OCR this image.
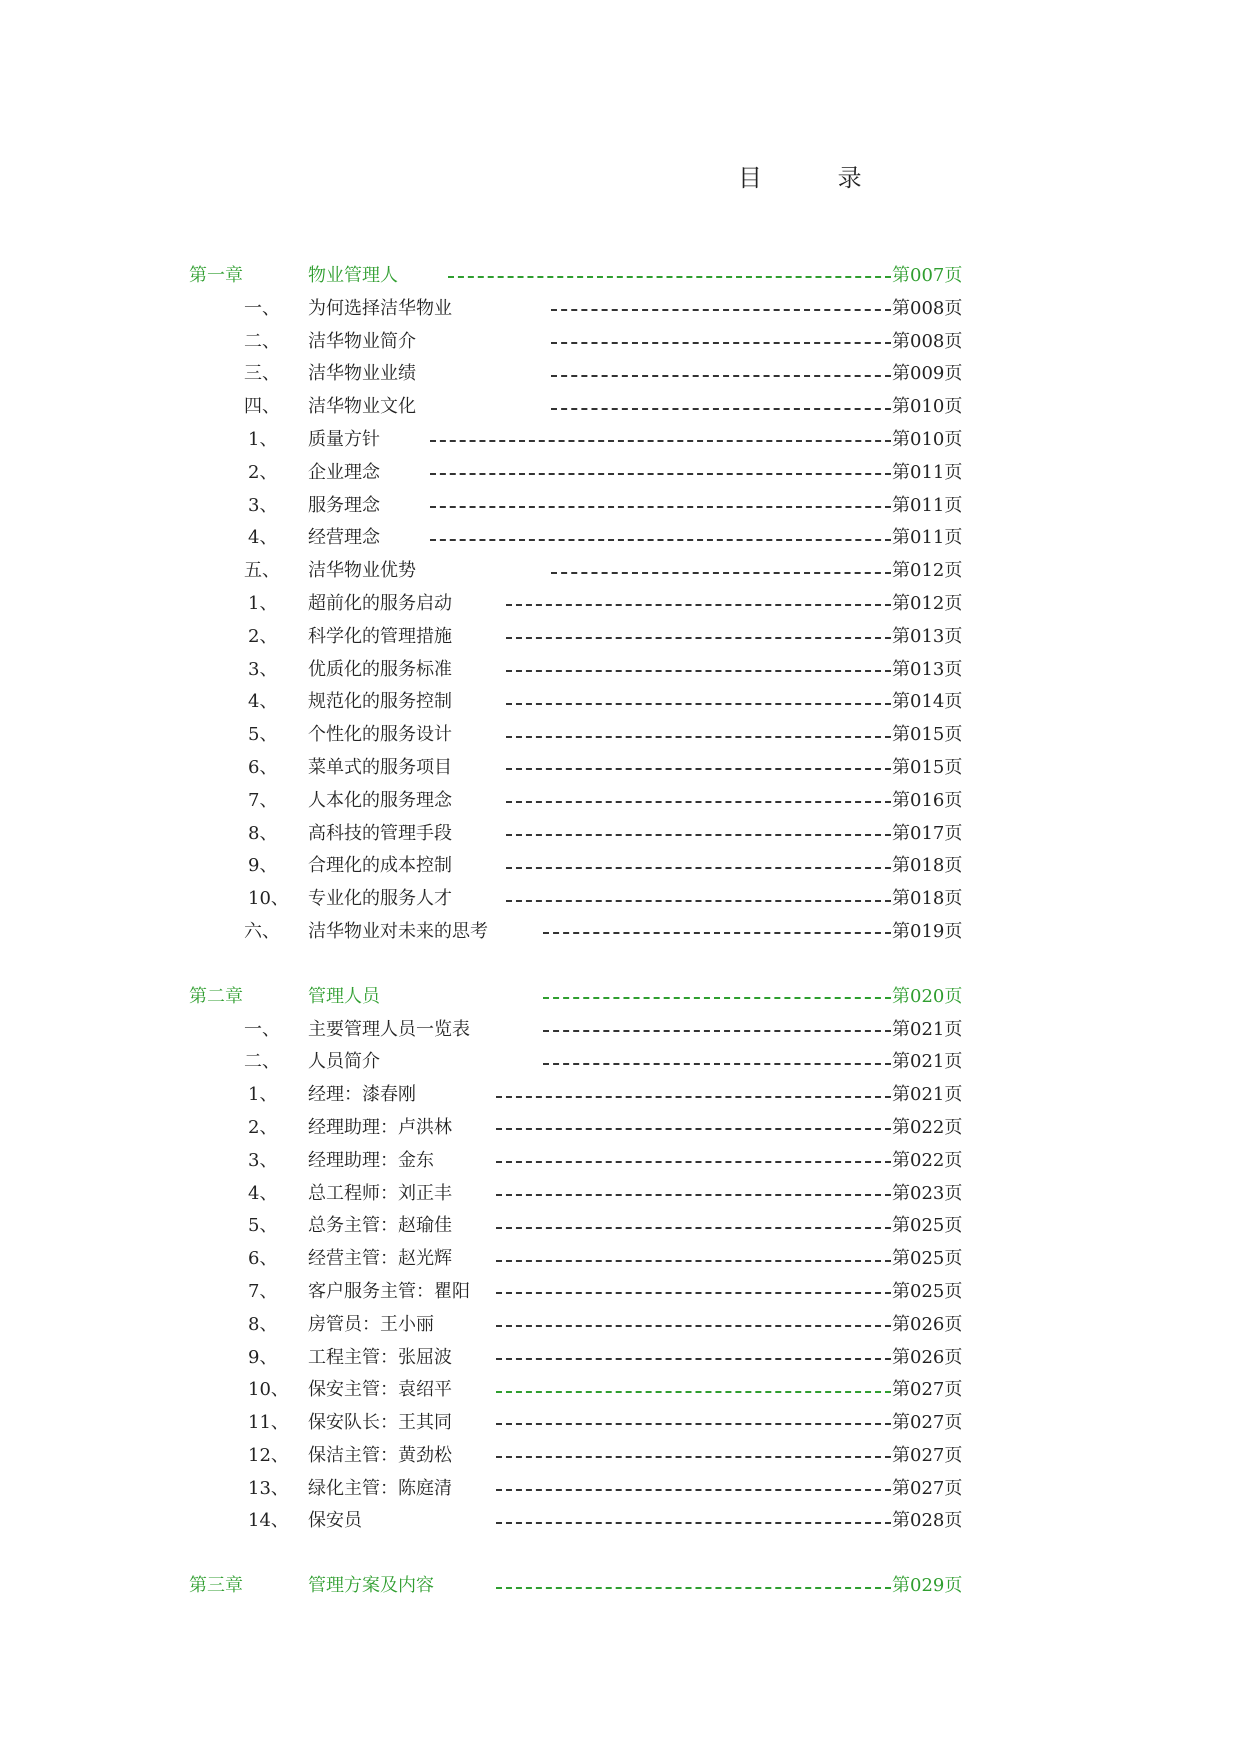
目 录
第一章	物业管理人	第007页
一、 为何选择洁华物业	第008页
二、 洁华物业简介	第008页
三、 洁华物业业绩	第009页
四、 洁华物业文化	第010页
1、 质量方针	第010页
2、 企业理念	第011页
3、 服务理念	第011页
4、 经营理念	第011页
五、 洁华物业优势	第012页
1、 超前化的服务启动	第012页
2、 科学化的管理措施	第013页
3、 优质化的服务标准	第013页
4、 规范化的服务控制	第014页
5、 个性化的服务设计	第015页
6、 菜单式的服务项目	第015页
7、 人本化的服务理念	第016页
8、 高科技的管理手段	第017页
9、 合理化的成本控制	第018页
10、 专业化的服务人才	第018页
六、 洁华物业对未来的思考	第019页
第二章	管理人员	第020页
一、 主要管理人员一览表	第021页
二、 人员简介	第021页
1、 经理：漆春刚	第021页
2、 经理助理：卢洪林	第022页
3、 经理助理：金东	第022页
4、 总工程师：刘正丰	第023页
5、 总务主管：赵瑜佳	第025页
6、 经营主管：赵光辉	第025页
7、 客户服务主管：瞿阳	第025页
8、 房管员：王小丽	第026页
9、 工程主管：张屈波	第026页
10、 保安主管：袁绍平	第027页
11、 保安队长：王其同	第027页
12、 保洁主管：黄劲松	第027页
13、 绿化主管：陈庭清	第027页
14、 保安员	第028页
第三章	管理方案及内容	第029页
